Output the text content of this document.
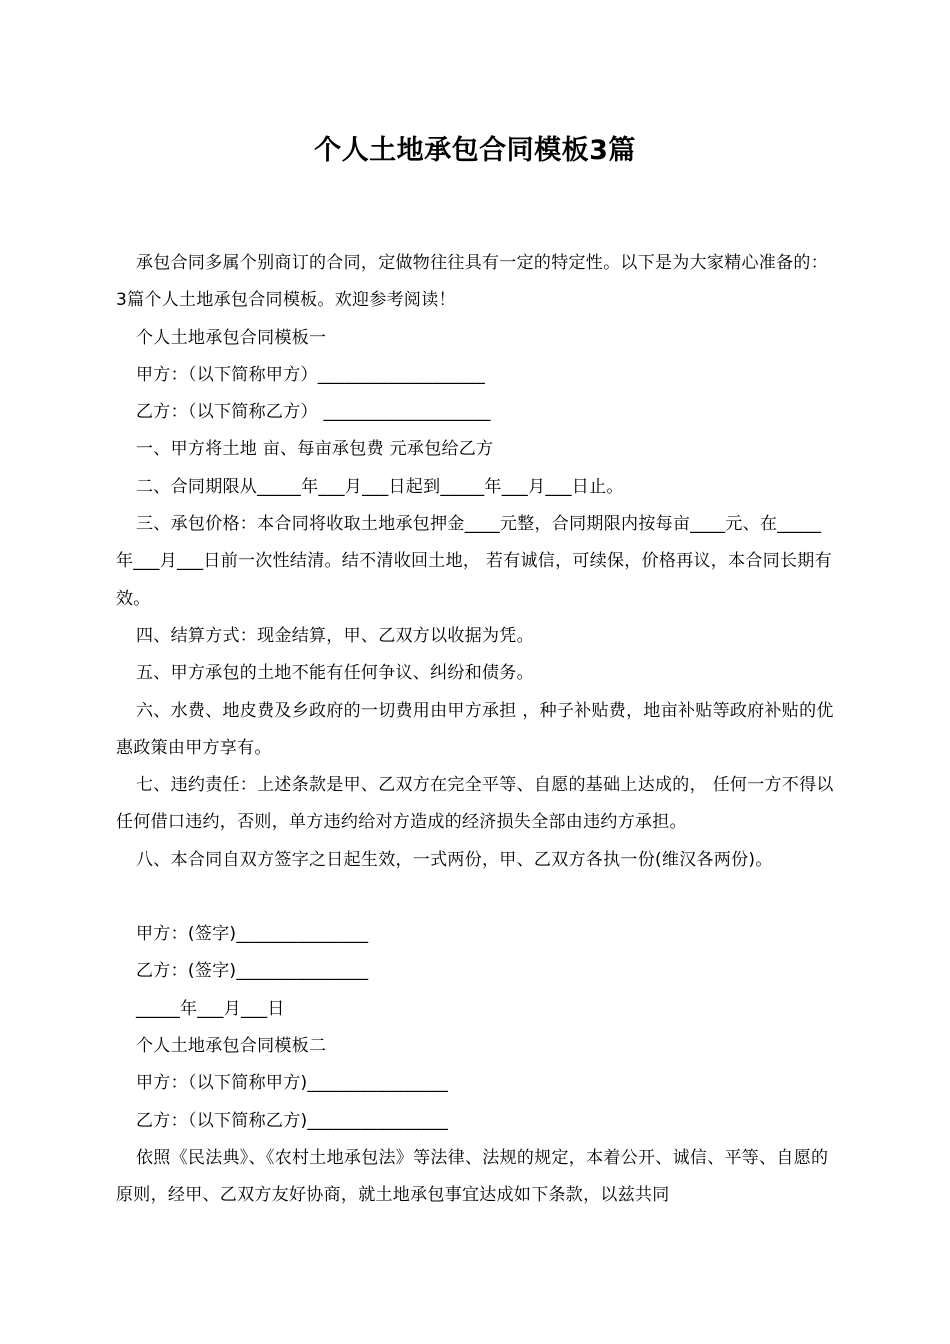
个人土地承包合同模板3篇

承包合同多属个别商订的合同，定做物往往具有一定的特定性。以下是为大家精心准备的：3篇个人土地承包合同模板。欢迎参考阅读！

个人土地承包合同模板一

甲方：（以下简称甲方）___________________

乙方：（以下简称乙方） ___________________

一、甲方将土地 亩、每亩承包费 元承包给乙方

二、合同期限从_____年___月___日起到_____年___月___日止。

三、承包价格：本合同将收取土地承包押金____元整，合同期限内按每亩____元、在_____年___月___日前一次性结清。结不清收回土地， 若有诚信，可续保，价格再议，本合同长期有效。

四、结算方式：现金结算，甲、乙双方以收据为凭。

五、甲方承包的土地不能有任何争议、纠纷和债务。

六、水费、地皮费及乡政府的一切费用由甲方承担 ，种子补贴费，地亩补贴等政府补贴的优惠政策由甲方享有。

七、违约责任：上述条款是甲、乙双方在完全平等、自愿的基础上达成的， 任何一方不得以任何借口违约，否则，单方违约给对方造成的经济损失全部由违约方承担。

八、本合同自双方签字之日起生效，一式两份，甲、乙双方各执一份(维汉各两份)。

甲方：(签字)_______________

乙方：(签字)_______________

_____年___月___日

个人土地承包合同模板二

甲方：（以下简称甲方)________________

乙方：（以下简称乙方)________________

依照《民法典》、《农村土地承包法》等法律、法规的规定，本着公开、诚信、平等、自愿的原则，经甲、乙双方友好协商，就土地承包事宜达成如下条款，以兹共同
